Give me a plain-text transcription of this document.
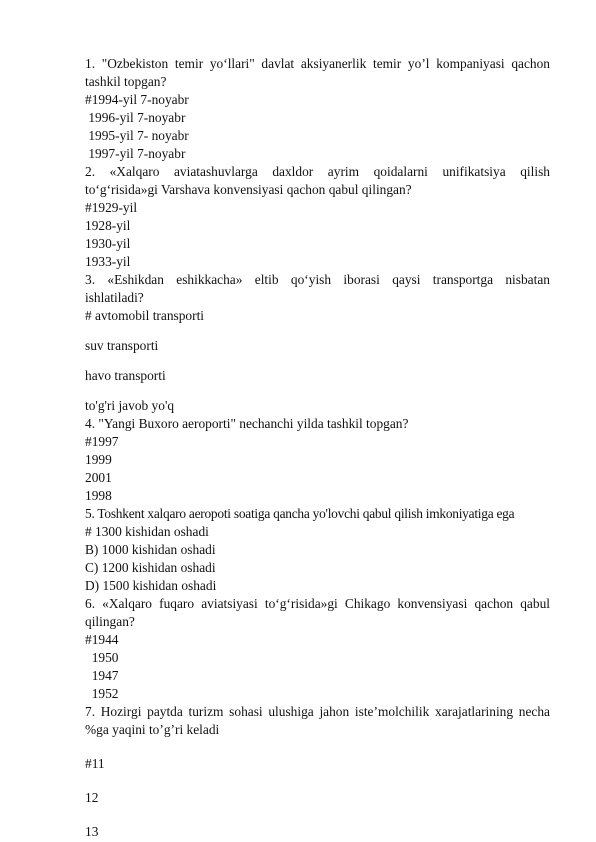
1. "Ozbekiston temir yo‘llari" davlat aksiyanerlik temir yo’l kompaniyasi qachon
tashkil topgan?
#1994-yil 7-noyabr
1996-yil 7-noyabr
1995-yil 7- noyabr
1997-yil 7-noyabr
2. «Xalqaro aviatashuvlarga daxldor ayrim qoidalarni unifikatsiya qilish
to‘g‘risida»gi Varshava konvensiyasi qachon qabul qilingan?
#1929-yil
1928-yil
1930-yil
1933-yil
3. «Eshikdan eshikkacha» eltib qo‘yish iborasi qaysi transportga nisbatan
ishlatiladi?
# avtomobil transporti
suv transporti
havo transporti
to'g'ri javob yo'q
4. "Yangi Buxoro aeroporti" nechanchi yilda tashkil topgan?
#1997
1999
2001
1998
5. Toshkent xalqaro aeropoti soatiga qancha yo'lovchi qabul qilish imkoniyatiga ega
# 1300 kishidan oshadi
B) 1000 kishidan oshadi
C) 1200 kishidan oshadi
D) 1500 kishidan oshadi
6. «Xalqaro fuqaro aviatsiyasi to‘g‘risida»gi Chikago konvensiyasi qachon qabul
qilingan?
#1944
1950
1947
1952
7. Hozirgi paytda turizm sohasi ulushiga jahon iste’molchilik xarajatlarining necha
%ga yaqini to’g’ri keladi
#11
12
13
